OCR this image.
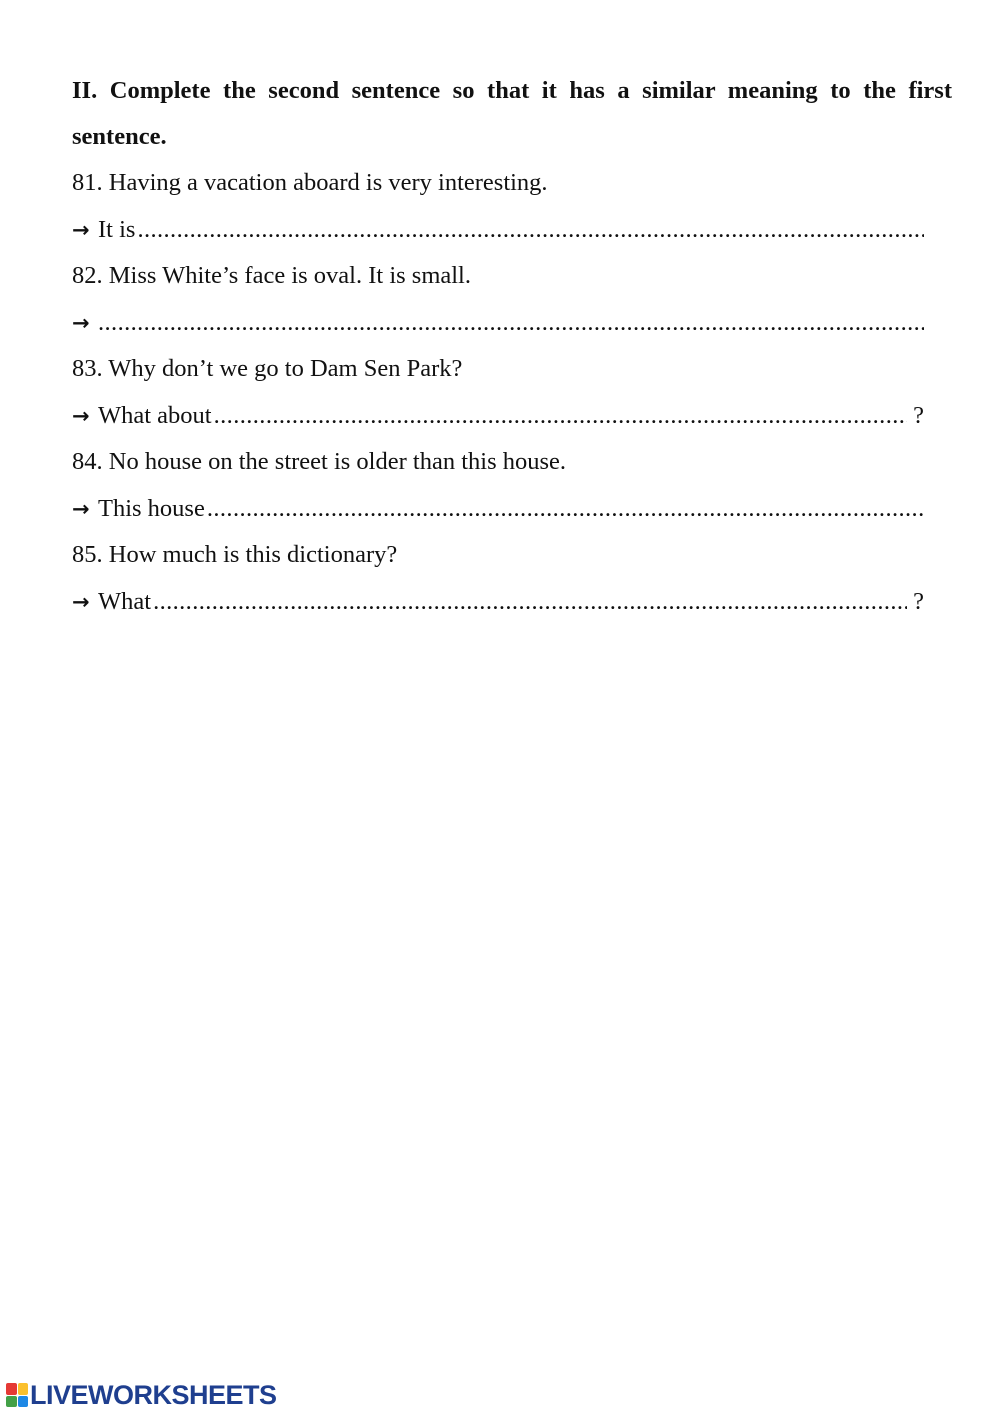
II. Complete the second sentence so that it has a similar meaning to the first sentence.

81. Having a vacation aboard is very interesting.
→ It is
.....
82. Miss White’s face is oval. It is small.
→
.....
83. Why don’t we go to Dam Sen Park?
→ What about .....	?
84. No house on the street is older than this house.
→ This house
.....
85. How much is this dictionary?
→ What .....	?
LIVEWORKSHEETS
